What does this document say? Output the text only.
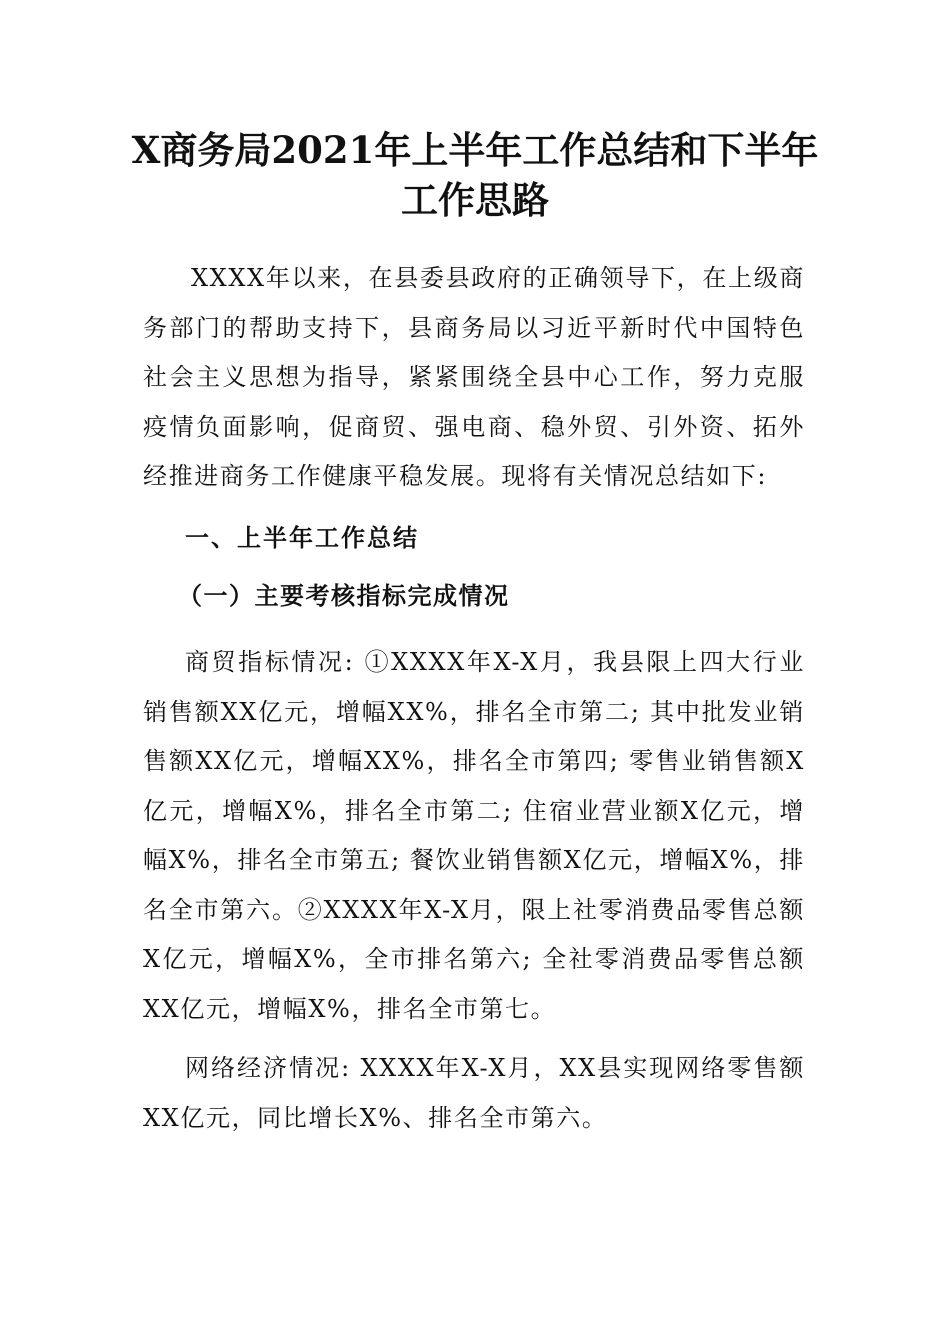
X商务局2021年上半年工作总结和下半年
工作思路
XXXX年以来，在县委县政府的正确领导下，在上级商务部门的帮助支持下，县商务局以习近平新时代中国特色社会主义思想为指导，紧紧围绕全县中心工作，努力克服疫情负面影响，促商贸、强电商、稳外贸、引外资、拓外经推进商务工作健康平稳发展。现将有关情况总结如下:
一、上半年工作总结
（一）主要考核指标完成情况
商贸指标情况: ①XXXX年X-X月，我县限上四大行业销售额XX亿元，增幅XX%，排名全市第二; 其中批发业销售额XX亿元，增幅XX%，排名全市第四; 零售业销售额X亿元，增幅X%，排名全市第二; 住宿业营业额X亿元，增幅X%，排名全市第五; 餐饮业销售额X亿元，增幅X%，排名全市第六。②XXXX年X-X月，限上社零消费品零售总额X亿元，增幅X%，全市排名第六; 全社零消费品零售总额XX亿元，增幅X%，排名全市第七。
网络经济情况: XXXX年X-X月，XX县实现网络零售额XX亿元，同比增长X%、排名全市第六。
